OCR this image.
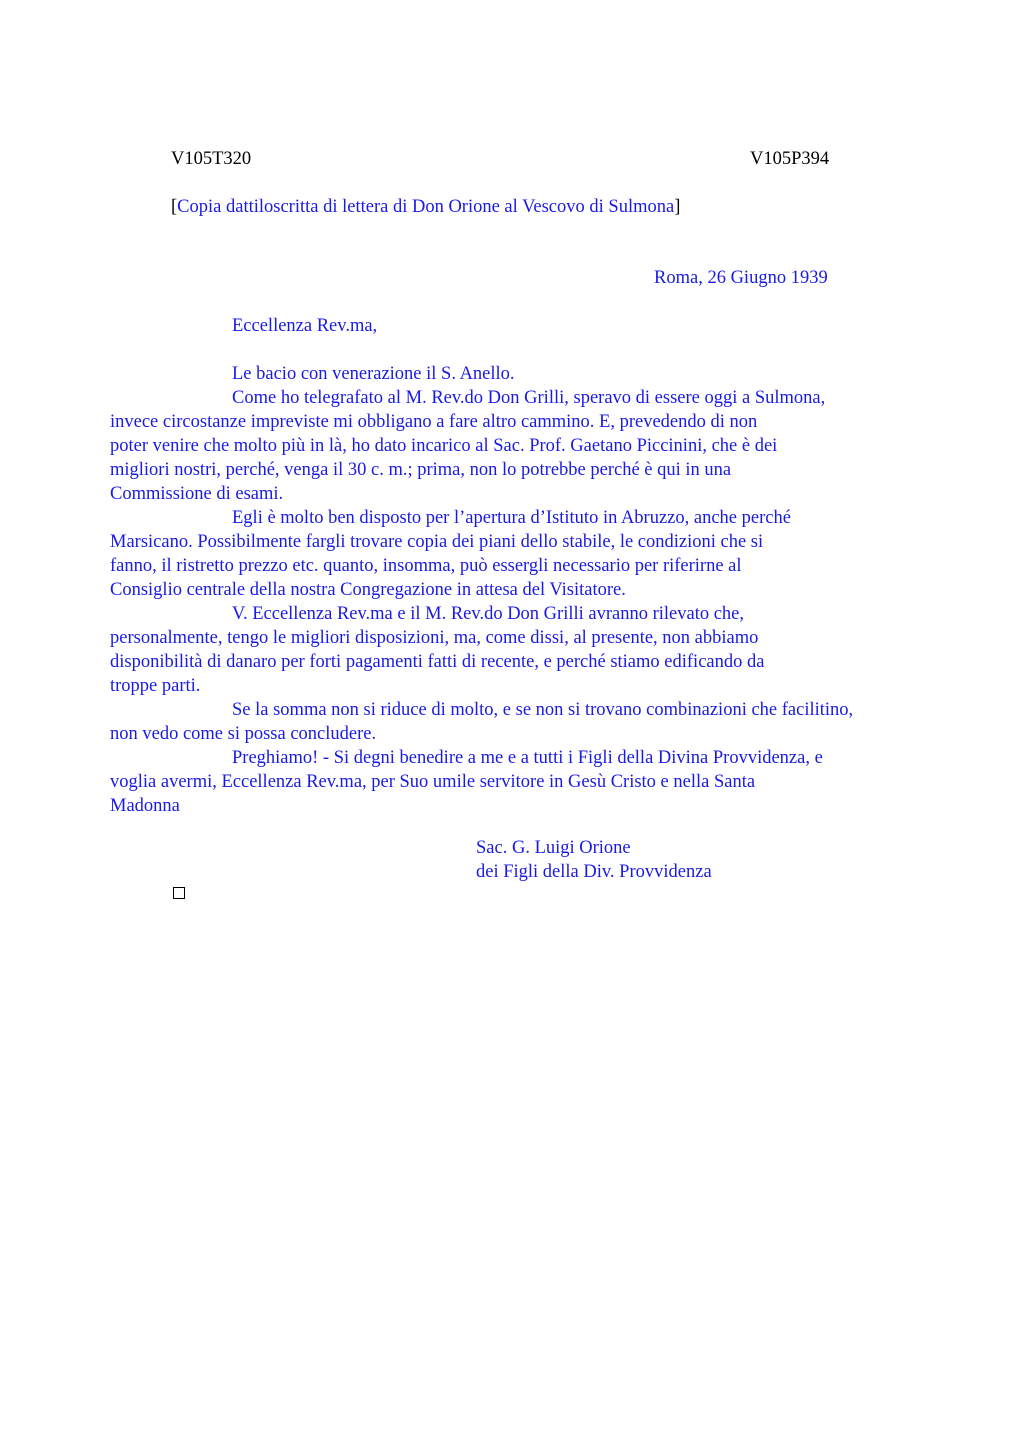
V105T320	V105P394
[Copia dattiloscritta di lettera di Don Orione al Vescovo di Sulmona]
Roma, 26 Giugno 1939
Eccellenza Rev.ma,

Le bacio con venerazione il S. Anello.

Come ho telegrafato al M. Rev.do Don Grilli, speravo di essere oggi a Sulmona,
invece circostanze impreviste mi obbligano a fare altro cammino. E, prevedendo di non
poter venire che molto più in là, ho dato incarico al Sac. Prof. Gaetano Piccinini, che è dei
migliori nostri, perché, venga il 30 c. m.; prima, non lo potrebbe perché è qui in una
Commissione di esami.

Egli è molto ben disposto per l’apertura d’Istituto in Abruzzo, anche perché
Marsicano. Possibilmente fargli trovare copia dei piani dello stabile, le condizioni che si
fanno, il ristretto prezzo etc. quanto, insomma, può essergli necessario per riferirne al
Consiglio centrale della nostra Congregazione in attesa del Visitatore.

V. Eccellenza Rev.ma e il M. Rev.do Don Grilli avranno rilevato che,
personalmente, tengo le migliori disposizioni, ma, come dissi, al presente, non abbiamo
disponibilità di danaro per forti pagamenti fatti di recente, e perché stiamo edificando da
troppe parti.

Se la somma non si riduce di molto, e se non si trovano combinazioni che facilitino,
non vedo come si possa concludere.

Preghiamo! - Si degni benedire a me e a tutti i Figli della Divina Provvidenza, e
voglia avermi, Eccellenza Rev.ma, per Suo umile servitore in Gesù Cristo e nella Santa
Madonna

Sac. G. Luigi Orione
dei Figli della Div. Provvidenza
